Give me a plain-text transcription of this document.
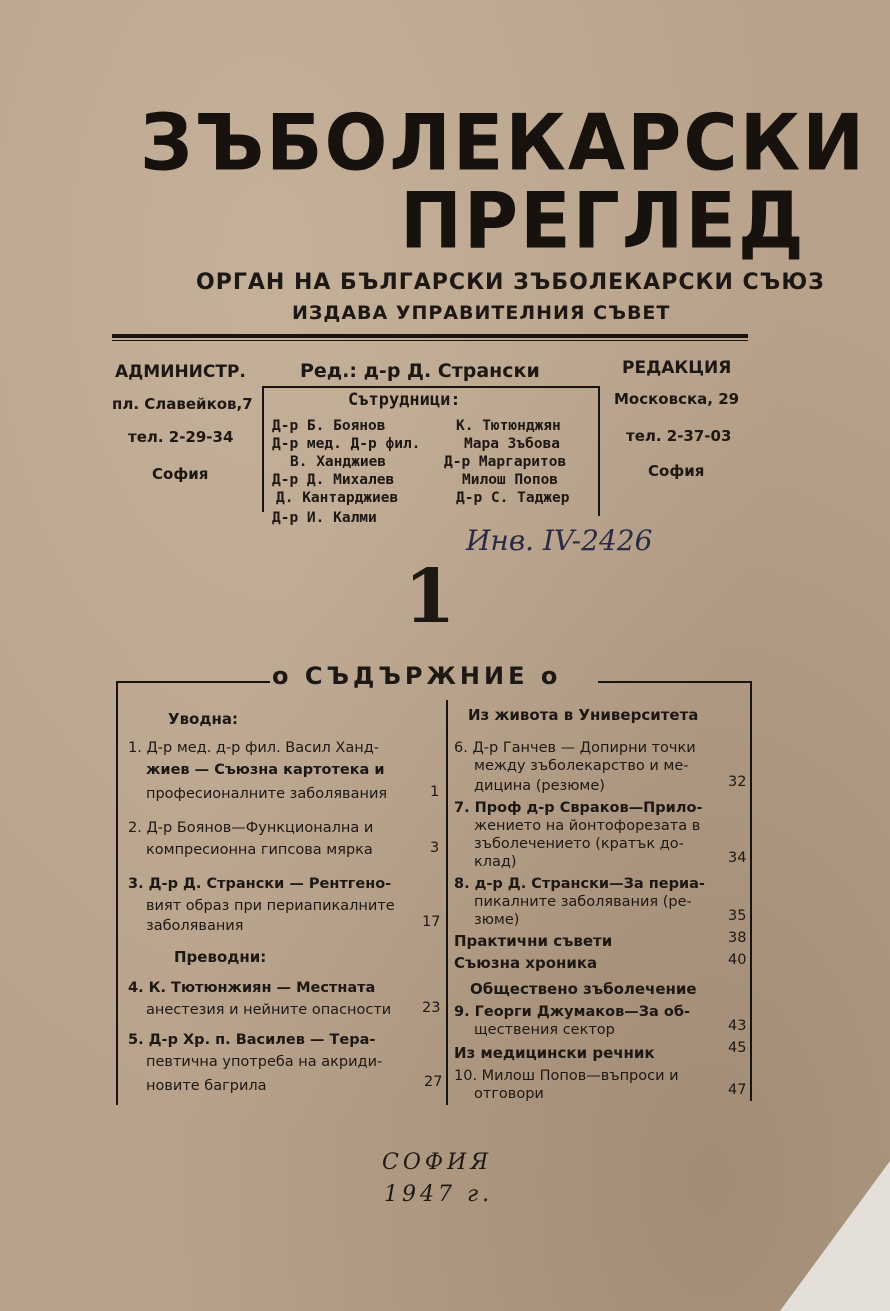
ЗЪБОЛЕКАРСКИ
ПРЕГЛЕД
ОРГАН НА БЪЛГАРСКИ ЗЪБОЛЕКАРСКИ СЪЮЗ
ИЗДАВА УПРАВИТЕЛНИЯ СЪВЕТ
АДМИНИСТР.
пл. Славейков,7
тел. 2-29-34
София
Ред.: д-р Д. Странски
Сътрудници:
Д-р Б. Боянов
Д-р мед. Д-р фил.
В. Ханджиев
Д-р Д. Михалев
Д. Кантарджиев
Д-р И. Калми
К. Тютюнджян
Мара Зъбова
Д-р Маргаритов
Милош Попов
Д-р С. Таджер
РЕДАКЦИЯ
Московска, 29
тел. 2-37-03
София
Инв. IV-2426
1
о СЪДЪРЖНИЕ о
Уводна:
1. Д-р мед. д-р фил. Васил Ханд-
жиев — Съюзна картотека и
професионалните заболявания	1
2. Д-р Боянов—Функционална и
компресионна гипсова мярка	3
3. Д-р Д. Странски — Рентгено-
вият образ при периапикалните
заболявания	17
Преводни:
4. К. Тютюнжиян — Местната
анестезия и нейните опасности 23
5. Д-р Хр. п. Василев — Тера-
певтична употреба на акриди-
новите багрила	27
Из живота в Университета
6. Д-р Ганчев — Допирни точки
между зъболекарство и ме-
дицина (резюме)	32
7. Проф д-р Свраков—Прило-
жението на йонтофорезата в
зъболечението (кратък до-
клад)	34
8. д-р Д. Странски—За периа-
пикалните заболявания (ре-
зюме)	35
Практични съвети	38
Съюзна хроника	40
Обществено зъболечение
9. Георги Джумаков—За об-
ществения сектор	43
Из медицински речник	45
10. Милош Попов—въпроси и
отговори	47
СОФИЯ
1947 г.
